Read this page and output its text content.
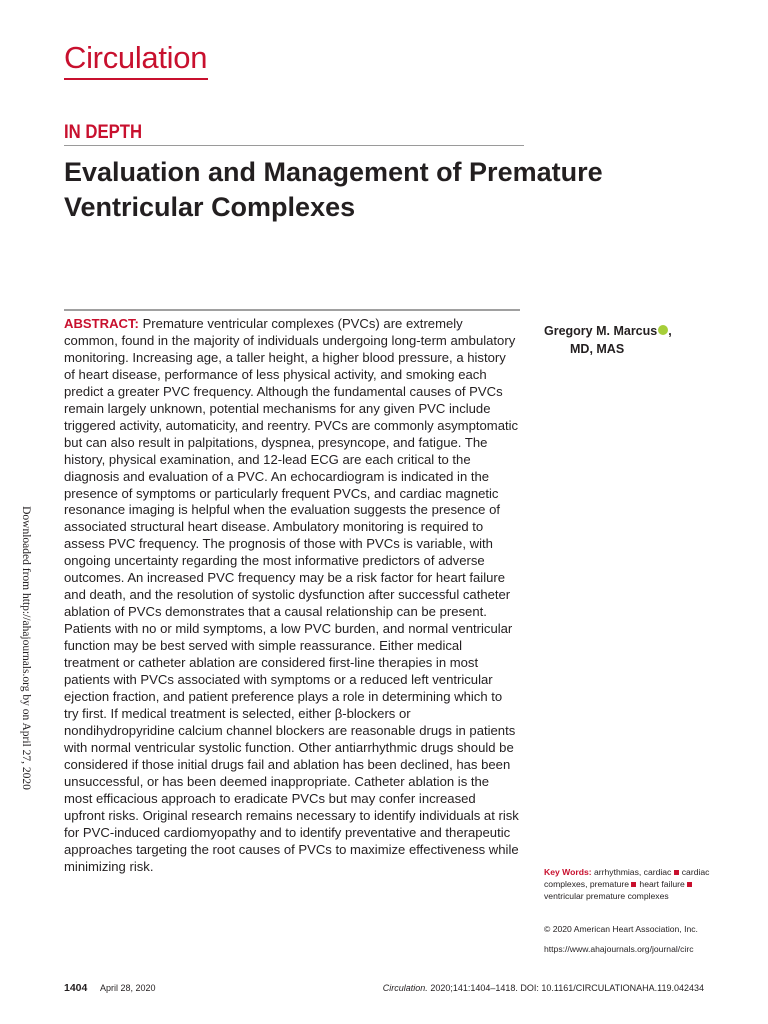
Circulation
IN DEPTH
Evaluation and Management of Premature Ventricular Complexes

ABSTRACT: Premature ventricular complexes (PVCs) are extremely common, found in the majority of individuals undergoing long-term ambulatory monitoring. Increasing age, a taller height, a higher blood pressure, a history of heart disease, performance of less physical activity, and smoking each predict a greater PVC frequency. Although the fundamental causes of PVCs remain largely unknown, potential mechanisms for any given PVC include triggered activity, automaticity, and reentry. PVCs are commonly asymptomatic but can also result in palpitations, dyspnea, presyncope, and fatigue. The history, physical examination, and 12-lead ECG are each critical to the diagnosis and evaluation of a PVC. An echocardiogram is indicated in the presence of symptoms or particularly frequent PVCs, and cardiac magnetic resonance imaging is helpful when the evaluation suggests the presence of associated structural heart disease. Ambulatory monitoring is required to assess PVC frequency. The prognosis of those with PVCs is variable, with ongoing uncertainty regarding the most informative predictors of adverse outcomes. An increased PVC frequency may be a risk factor for heart failure and death, and the resolution of systolic dysfunction after successful catheter ablation of PVCs demonstrates that a causal relationship can be present. Patients with no or mild symptoms, a low PVC burden, and normal ventricular function may be best served with simple reassurance. Either medical treatment or catheter ablation are considered first-line therapies in most patients with PVCs associated with symptoms or a reduced left ventricular ejection fraction, and patient preference plays a role in determining which to try first. If medical treatment is selected, either β-blockers or nondihydropyridine calcium channel blockers are reasonable drugs in patients with normal ventricular systolic function. Other antiarrhythmic drugs should be considered if those initial drugs fail and ablation has been declined, has been unsuccessful, or has been deemed inappropriate. Catheter ablation is the most efficacious approach to eradicate PVCs but may confer increased upfront risks. Original research remains necessary to identify individuals at risk for PVC-induced cardiomyopathy and to identify preventative and therapeutic approaches targeting the root causes of PVCs to maximize effectiveness while minimizing risk.

Gregory M. Marcus ,
MD, MAS
Downloaded from http://ahajournals.org by on April 27, 2020
Key Words: arrhythmias, cardiac cardiac complexes, premature heart failure ventricular premature complexes
© 2020 American Heart Association, Inc.
https://www.ahajournals.org/journal/circ
1404 April 28, 2020	Circulation. 2020;141:1404–1418. DOI: 10.1161/CIRCULATIONAHA.119.042434
